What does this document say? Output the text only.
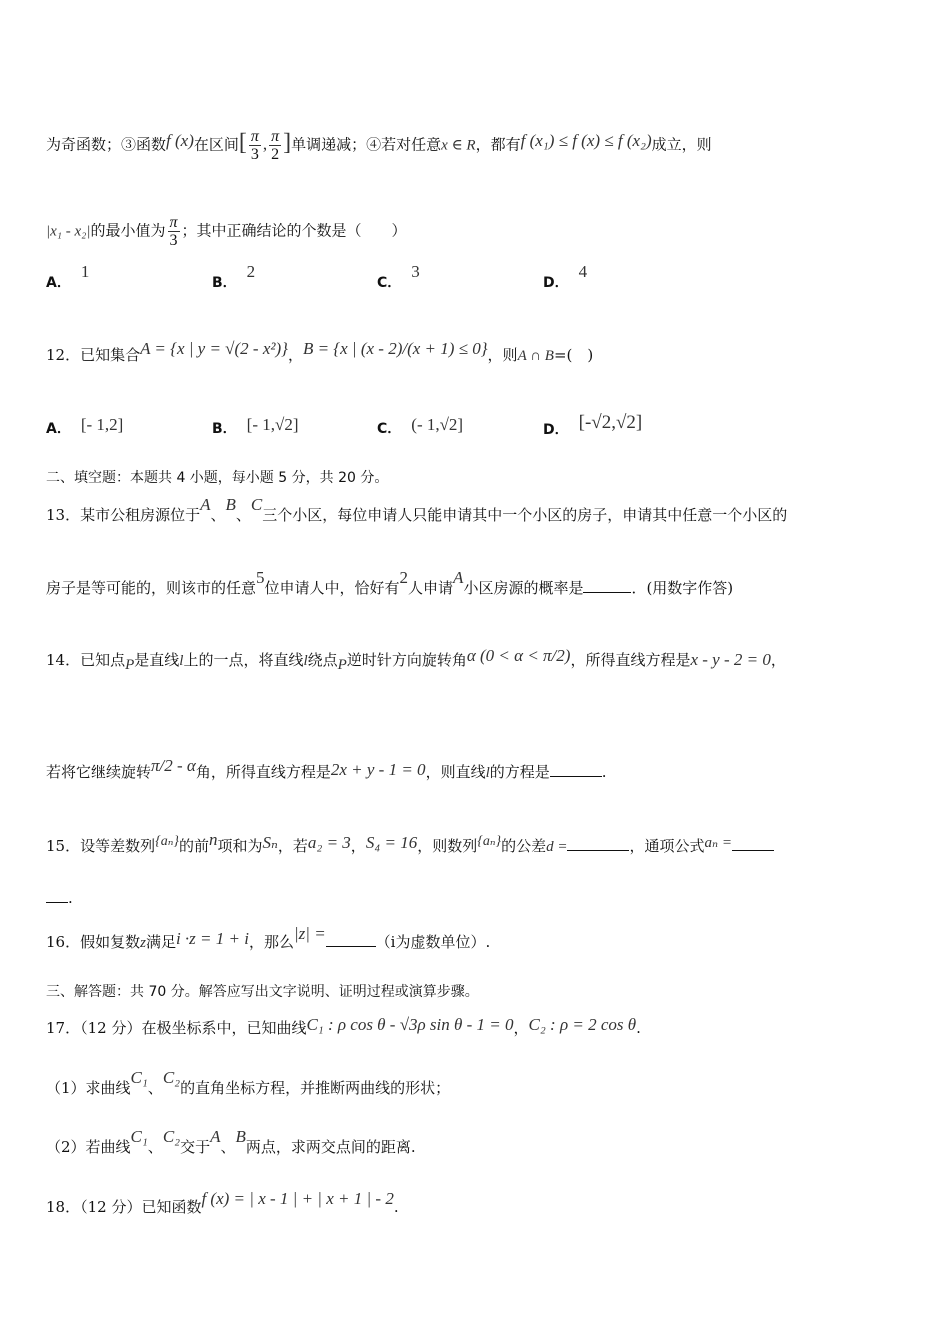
为奇函数；③函数f (x)在区间[ $\frac{\pi}{3}$ , $\frac{\pi}{2}$ ]单调递减；④若对任意x ∈ R，都有f (x₁) ≤ f (x) ≤ f (x₂)成立，则
|x₁ - x₂|的最小值为 $\frac{\pi}{3}$ ；其中正确结论的个数是（　　）
A．1
B．2
C．3
D．4
12．已知集合A = {x | y = √(2 - x²)}，B = {x | (x - 2)/(x + 1) ≤ 0}，则A ∩ B=(　)
A． [- 1,2]	B． [- 1,√2]	C． (- 1,√2]	D． [-√2,√2]
二、填空题：本题共 4 小题，每小题 5 分，共 20 分。
13．某市公租房源位于A、B、C三个小区，每位申请人只能申请其中一个小区的房子，申请其中任意一个小区的
房子是等可能的，则该市的任意5位申请人中，恰好有2人申请A小区房源的概率是	．(用数字作答)
14．已知点P是直线l上的一点，将直线l绕点P逆时针方向旋转角α (0 < α < π/2)，所得直线方程是x - y - 2 = 0，
若将它继续旋转π/2 - α角，所得直线方程是2x + y - 1 = 0，则直线l的方程是	.
15．设等差数列{aₙ}的前n项和为Sₙ，若a₂ = 3，S₄ = 16，则数列{aₙ}的公差d =	，通项公式aₙ =
.
16．假如复数z满足i ·z = 1 + i，那么|z| =	（ⅰ为虚数单位）.
三、解答题：共 70 分。解答应写出文字说明、证明过程或演算步骤。
17．（12 分）在极坐标系中，已知曲线C₁ : ρ cos θ - √3ρ sin θ - 1 = 0，C₂ : ρ = 2 cos θ.
（1）求曲线C₁、C₂的直角坐标方程，并推断两曲线的形状；
（2）若曲线C₁、C₂交于A、B两点，求两交点间的距离.
18．（12 分）已知函数f (x) = | x - 1 | + | x + 1 | - 2.
